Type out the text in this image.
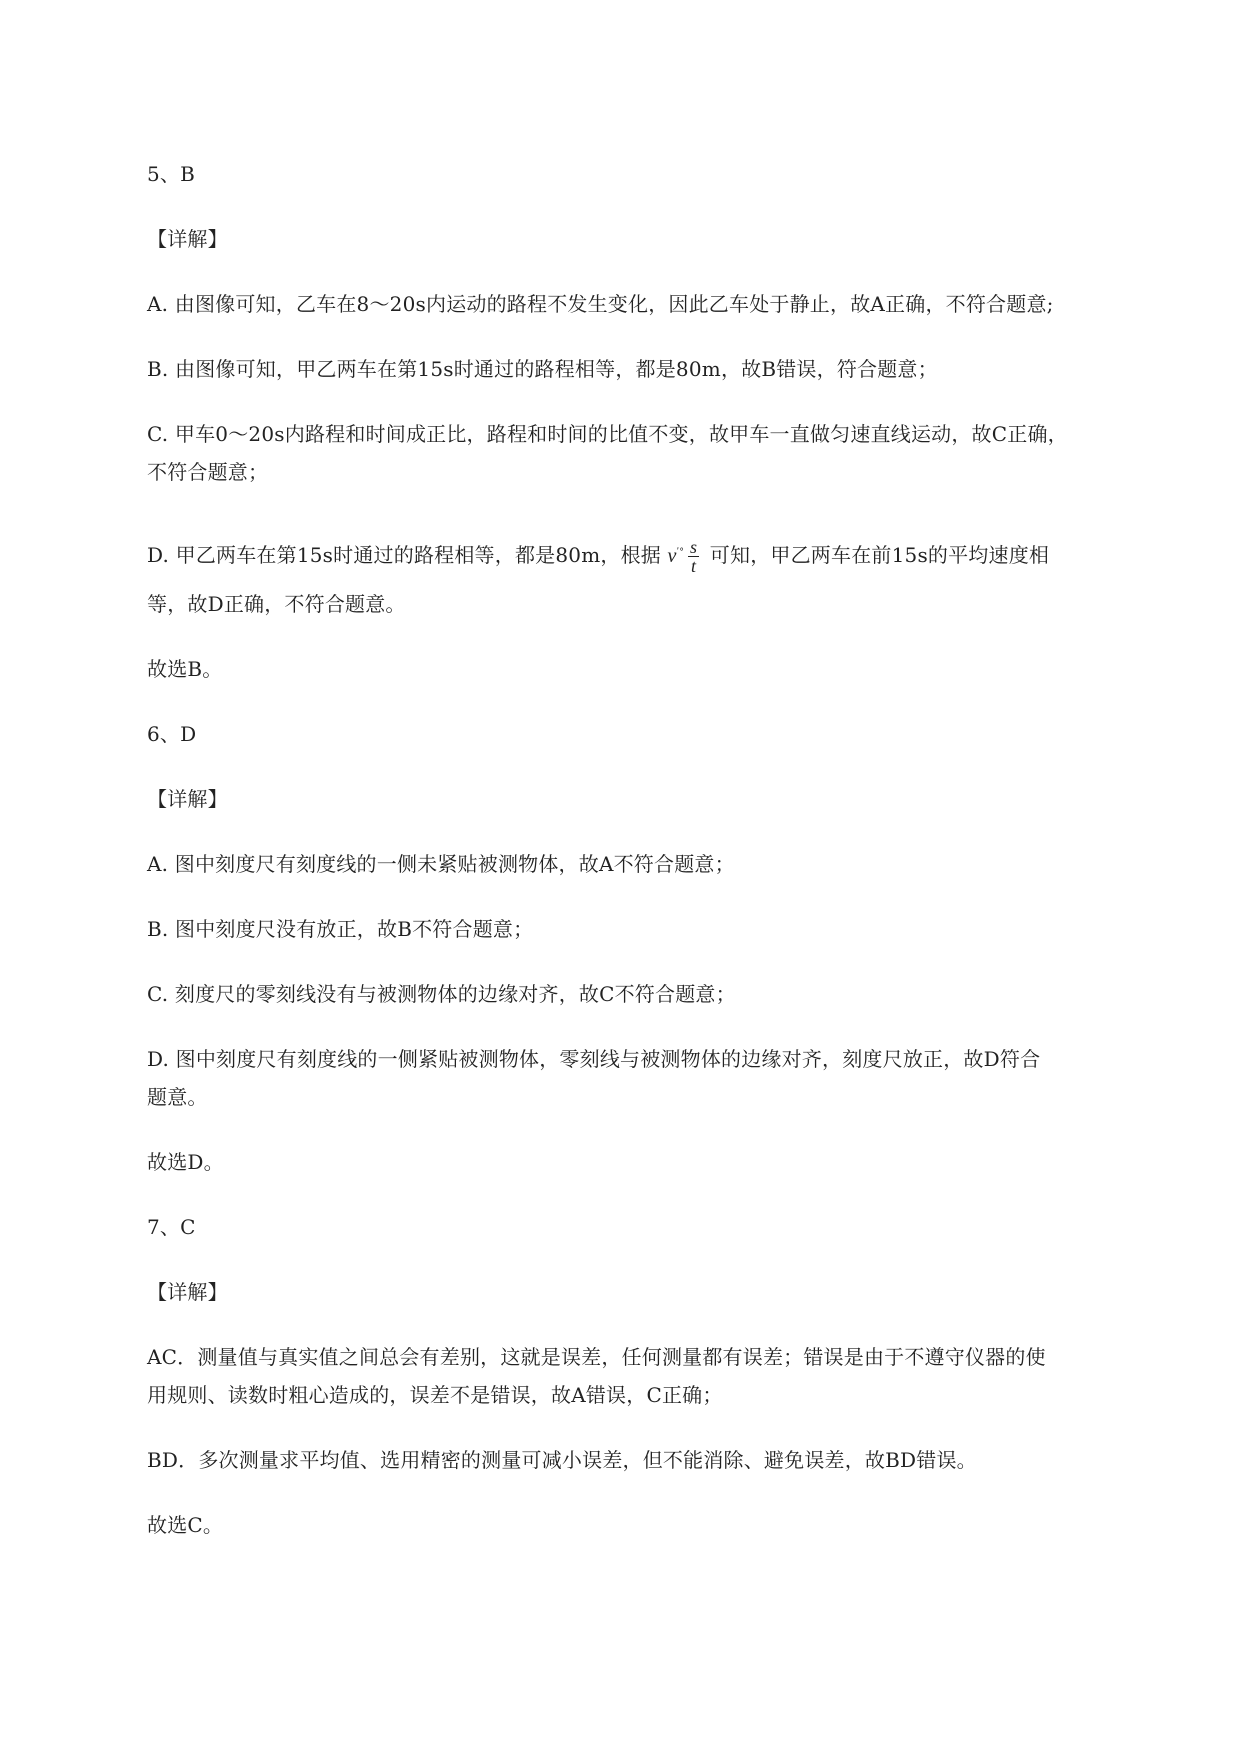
5、B
【详解】
A. 由图像可知，乙车在8～20s内运动的路程不发生变化，因此乙车处于静止，故A正确，不符合题意;
B. 由图像可知，甲乙两车在第15s时通过的路程相等，都是80m，故B错误，符合题意；
C. 甲车0～20s内路程和时间成正比，路程和时间的比值不变，故甲车一直做匀速直线运动，故C正确，
不符合题意；
D. 甲乙两车在第15s时通过的路程相等，都是80m，根据 $v^{ʹ^\circ} \frac{s}{t}$ 可知，甲乙两车在前15s的平均速度相
等，故D正确，不符合题意。
故选B。
6、D
【详解】
A. 图中刻度尺有刻度线的一侧未紧贴被测物体，故A不符合题意；
B. 图中刻度尺没有放正，故B不符合题意；
C. 刻度尺的零刻线没有与被测物体的边缘对齐，故C不符合题意；
D. 图中刻度尺有刻度线的一侧紧贴被测物体，零刻线与被测物体的边缘对齐，刻度尺放正，故D符合
题意。
故选D。
7、C
【详解】
AC．测量值与真实值之间总会有差别，这就是误差，任何测量都有误差；错误是由于不遵守仪器的使
用规则、读数时粗心造成的，误差不是错误，故A错误，C正确；
BD．多次测量求平均值、选用精密的测量可减小误差，但不能消除、避免误差，故BD错误。
故选C。
